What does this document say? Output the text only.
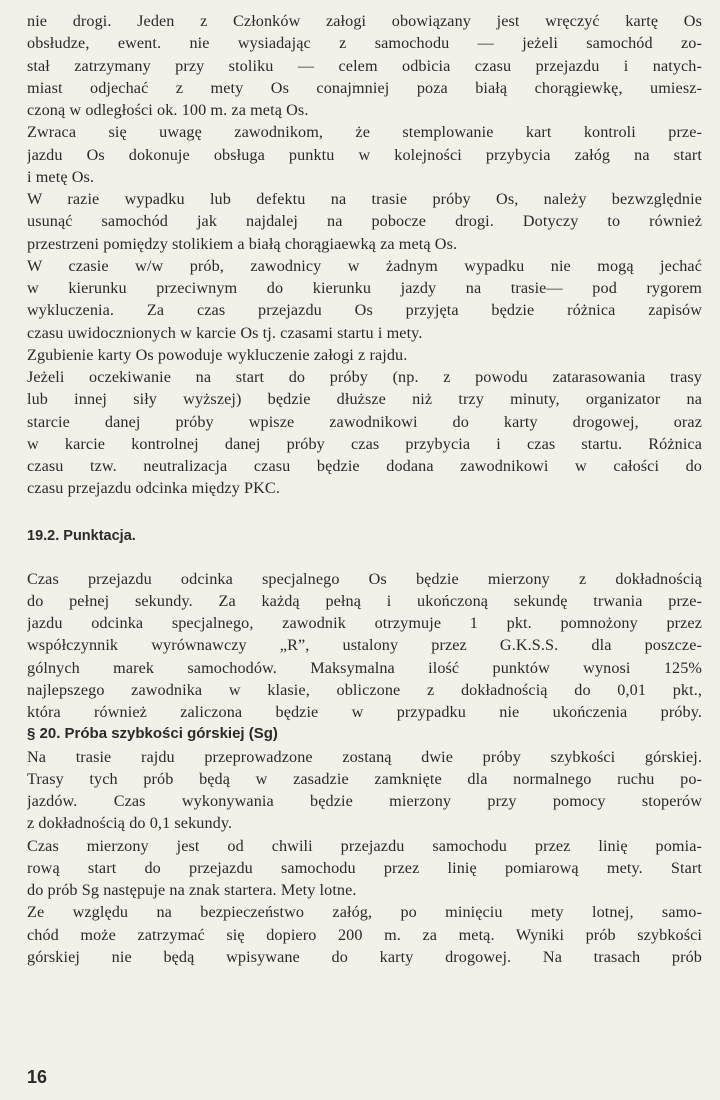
nie drogi. Jeden z Członków załogi obowiązany jest wręczyć kartę Os
obsłudze, ewent. nie wysiadając z samochodu — jeżeli samochód zo-
stał zatrzymany przy stoliku — celem odbicia czasu przejazdu i natych-
miast odjechać z mety Os conajmniej poza białą chorągiewkę, umiesz-
czoną w odległości ok. 100 m. za metą Os.
Zwraca się uwagę zawodnikom, że stemplowanie kart kontroli prze-
jazdu Os dokonuje obsługa punktu w kolejności przybycia załóg na start
i metę Os.
W razie wypadku lub defektu na trasie próby Os, należy bezwzględnie
usunąć samochód jak najdalej na pobocze drogi. Dotyczy to również
przestrzeni pomiędzy stolikiem a białą chorągiaewką za metą Os.
W czasie w/w prób, zawodnicy w żadnym wypadku nie mogą jechać
w kierunku przeciwnym do kierunku jazdy na trasie— pod rygorem
wykluczenia. Za czas przejazdu Os przyjęta będzie różnica zapisów
czasu uwidocznionych w karcie Os tj. czasami startu i mety.
Zgubienie karty Os powoduje wykluczenie załogi z rajdu.
Jeżeli oczekiwanie na start do próby (np. z powodu zatarasowania trasy
lub innej siły wyższej) będzie dłuższe niż trzy minuty, organizator na
starcie danej próby wpisze zawodnikowi do karty drogowej, oraz
w karcie kontrolnej danej próby czas przybycia i czas startu. Różnica
czasu tzw. neutralizacja czasu będzie dodana zawodnikowi w całości do
czasu przejazdu odcinka między PKC.
19.2. Punktacja.
Czas przejazdu odcinka specjalnego Os będzie mierzony z dokładnością
do pełnej sekundy. Za każdą pełną i ukończoną sekundę trwania prze-
jazdu odcinka specjalnego, zawodnik otrzymuje 1 pkt. pomnożony przez
współczynnik wyrównawczy „R”, ustalony przez G.K.S.S. dla poszcze-
gólnych marek samochodów. Maksymalna ilość punktów wynosi 125%
najlepszego zawodnika w klasie, obliczone z dokładnością do 0,01 pkt.,
która również zaliczona będzie w przypadku nie ukończenia próby.
§ 20. Próba szybkości górskiej (Sg)
Na trasie rajdu przeprowadzone zostaną dwie próby szybkości górskiej.
Trasy tych prób będą w zasadzie zamknięte dla normalnego ruchu po-
jazdów. Czas wykonywania będzie mierzony przy pomocy stoperów
z dokładnością do 0,1 sekundy.
Czas mierzony jest od chwili przejazdu samochodu przez linię pomia-
rową start do przejazdu samochodu przez linię pomiarową mety. Start
do prób Sg następuje na znak startera. Mety lotne.
Ze względu na bezpieczeństwo załóg, po minięciu mety lotnej, samo-
chód może zatrzymać się dopiero 200 m. za metą. Wyniki prób szybkości
górskiej nie będą wpisywane do karty drogowej. Na trasach prób
16
